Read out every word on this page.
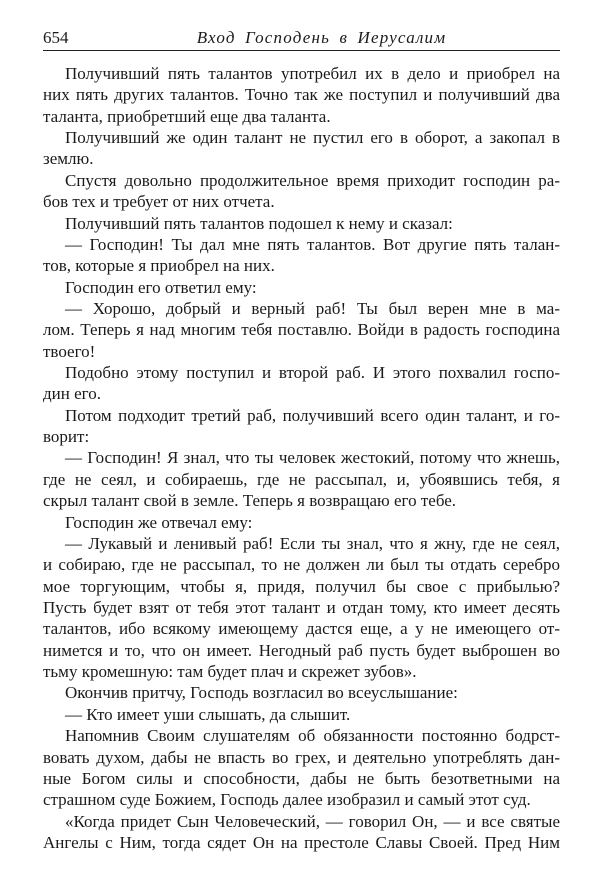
654	Вход Господень в Иерусалим
Получивший пять талантов употребил их в дело и приобрел на
них пять других талантов. Точно так же поступил и получивший два
таланта, приобретший еще два таланта.
Получивший же один талант не пустил его в оборот, а закопал в
землю.
Спустя довольно продолжительное время приходит господин ра-
бов тех и требует от них отчета.
Получивший пять талантов подошел к нему и сказал:
— Господин! Ты дал мне пять талантов. Вот другие пять талан-
тов, которые я приобрел на них.
Господин его ответил ему:
— Хорошо, добрый и верный раб! Ты был верен мне в ма-
лом. Теперь я над многим тебя поставлю. Войди в радость господина
твоего!
Подобно этому поступил и второй раб. И этого похвалил госпо-
дин его.
Потом подходит третий раб, получивший всего один талант, и го-
ворит:
— Господин! Я знал, что ты человек жестокий, потому что жнешь,
где не сеял, и собираешь, где не рассыпал, и, убоявшись тебя, я
скрыл талант свой в земле. Теперь я возвращаю его тебе.
Господин же отвечал ему:
— Лукавый и ленивый раб! Если ты знал, что я жну, где не сеял,
и собираю, где не рассыпал, то не должен ли был ты отдать серебро
мое торгующим, чтобы я, придя, получил бы свое с прибылью?
Пусть будет взят от тебя этот талант и отдан тому, кто имеет десять
талантов, ибо всякому имеющему дастся еще, а у не имеющего от-
нимется и то, что он имеет. Негодный раб пусть будет выброшен во
тьму кромешную: там будет плач и скрежет зубов».
Окончив притчу, Господь возгласил во всеуслышание:
— Кто имеет уши слышать, да слышит.
Напомнив Своим слушателям об обязанности постоянно бодрст-
вовать духом, дабы не впасть во грех, и деятельно употреблять дан-
ные Богом силы и способности, дабы не быть безответными на
страшном суде Божием, Господь далее изобразил и самый этот суд.
«Когда придет Сын Человеческий, — говорил Он, — и все святые
Ангелы с Ним, тогда сядет Он на престоле Славы Своей. Пред Ним
